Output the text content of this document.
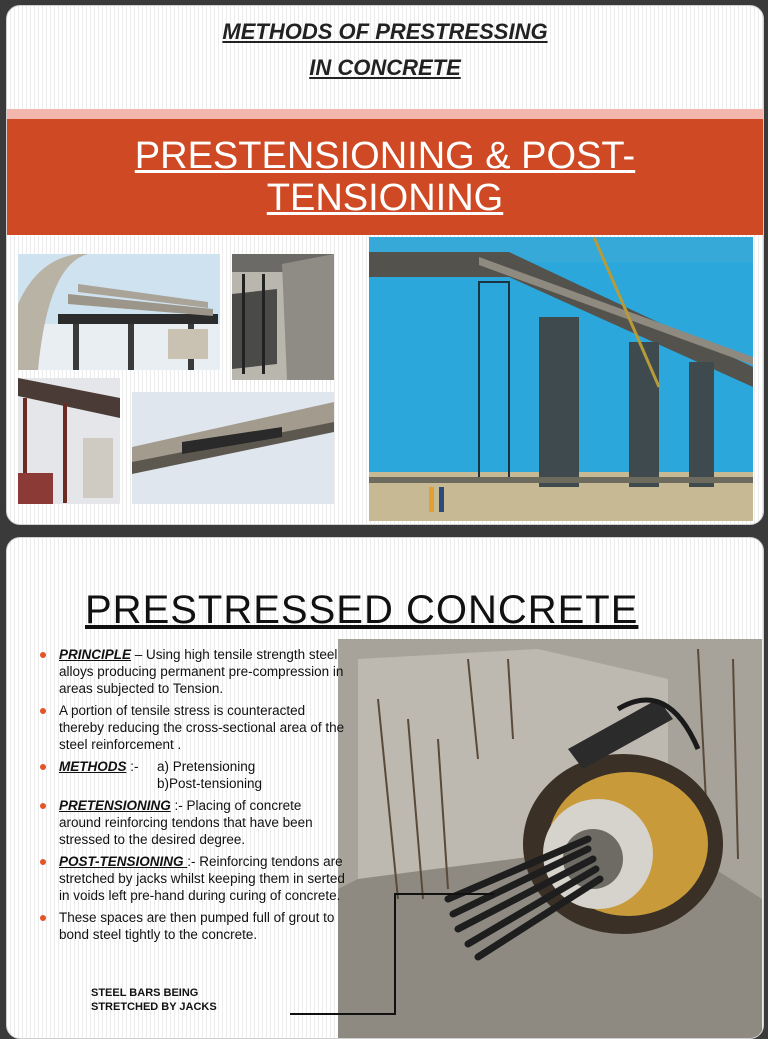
METHODS OF PRESTRESSING
IN CONCRETE
PRESTENSIONING & POST-
TENSIONING
PRESTRESSED CONCRETE
PRINCIPLE – Using high tensile strength steel alloys producing permanent pre-compression in areas subjected to Tension.
A portion of tensile stress is counteracted thereby reducing the cross-sectional area of the steel reinforcement .
METHODS :- a) Pretensioning
b)Post-tensioning
PRETENSIONING :- Placing of concrete around reinforcing tendons that have been stressed to the desired degree.
POST-TENSIONING :- Reinforcing tendons are stretched by jacks whilst keeping them in serted in voids left pre-hand during curing of concrete.
These spaces are then pumped full of grout to bond steel tightly to the concrete.
STEEL BARS BEING
STRETCHED BY JACKS
